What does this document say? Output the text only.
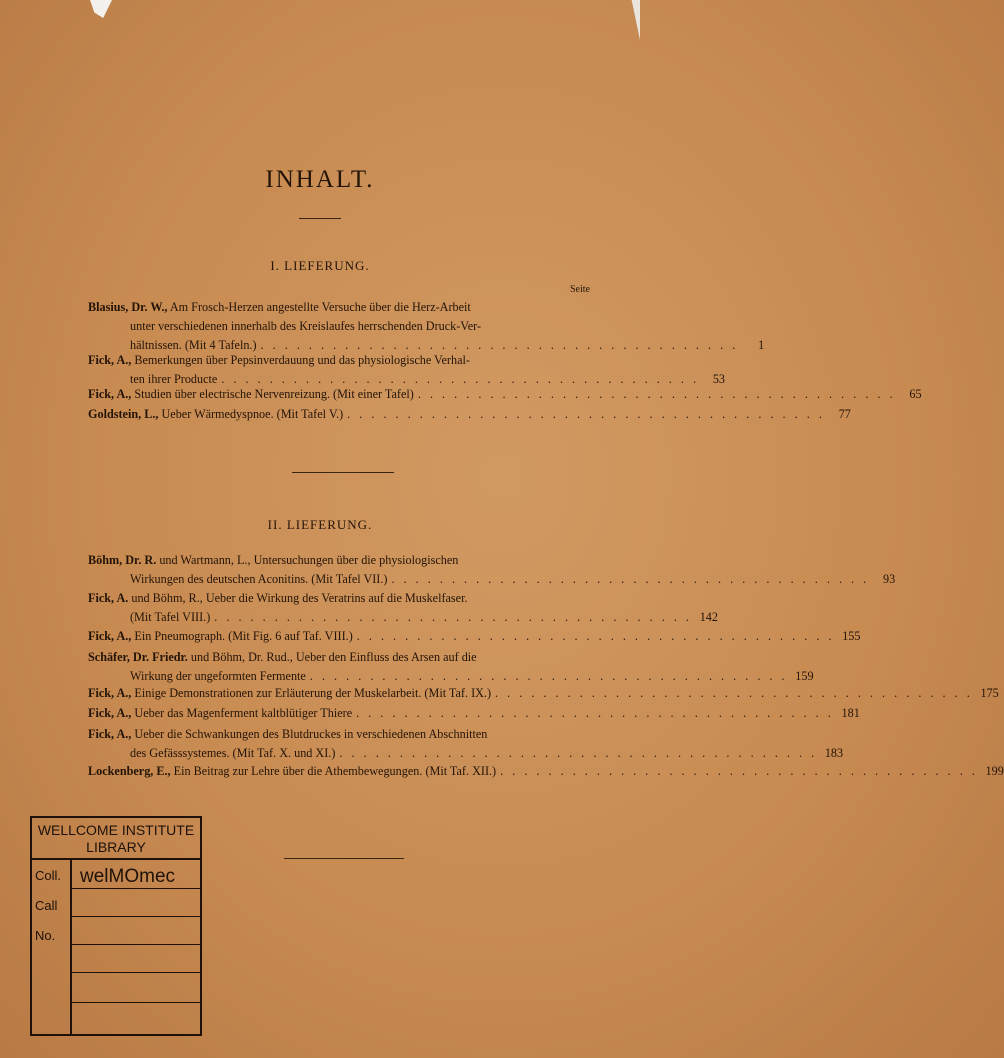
INHALT.
I. LIEFERUNG.
Seite
Blasius, Dr. W., Am Frosch-Herzen angestellte Versuche über die Herz-Arbeit
unter verschiedenen innerhalb des Kreislaufes herrschenden Druck-Ver-
hältnissen. (Mit 4 Tafeln.) . . . . . . . . . . . . . . . . . . . . . . . . . . . . . . . . . . . . . . . .	1
Fick, A., Bemerkungen über Pepsinverdauung und das physiologische Verhal-
ten ihrer Producte . . . . . . . . . . . . . . . . . . . . . . . . . . . . . . . . . . . . . . . .	53
Fick, A., Studien über electrische Nervenreizung. (Mit einer Tafel) . . . . . . . . . . . . . . . . . . . . . . . . . . . . . . . . . . . . . . . .	65
Goldstein, L., Ueber Wärmedyspnoe. (Mit Tafel V.) . . . . . . . . . . . . . . . . . . . . . . . . . . . . . . . . . . . . . . . .	77
II. LIEFERUNG.
Böhm, Dr. R. und Wartmann, L., Untersuchungen über die physiologischen
Wirkungen des deutschen Aconitins. (Mit Tafel VII.) . . . . . . . . . . . . . . . . . . . . . . . . . . . . . . . . . . . . . . . .	93
Fick, A. und Böhm, R., Ueber die Wirkung des Veratrins auf die Muskelfaser.
(Mit Tafel VIII.) . . . . . . . . . . . . . . . . . . . . . . . . . . . . . . . . . . . . . . . . 142
Fick, A., Ein Pneumograph. (Mit Fig. 6 auf Taf. VIII.) . . . . . . . . . . . . . . . . . . . . . . . . . . . . . . . . . . . . . . . . 155
Schäfer, Dr. Friedr. und Böhm, Dr. Rud., Ueber den Einfluss des Arsen auf die
Wirkung der ungeformten Fermente . . . . . . . . . . . . . . . . . . . . . . . . . . . . . . . . . . . . . . . . 159
Fick, A., Einige Demonstrationen zur Erläuterung der Muskelarbeit. (Mit Taf. IX.) . . . . . . . . . . . . . . . . . . . . . . . . . . . . . . . . . . . . . . . . 175
Fick, A., Ueber das Magenferment kaltblütiger Thiere . . . . . . . . . . . . . . . . . . . . . . . . . . . . . . . . . . . . . . . . 181
Fick, A., Ueber die Schwankungen des Blutdruckes in verschiedenen Abschnitten
des Gefässsystemes. (Mit Taf. X. und XI.) . . . . . . . . . . . . . . . . . . . . . . . . . . . . . . . . . . . . . . . . 183
Lockenberg, E., Ein Beitrag zur Lehre über die Athembewegungen. (Mit Taf. XII.) . . . . . . . . . . . . . . . . . . . . . . . . . . . . . . . . . . . . . . . . 199
WELLCOME INSTITUTE
LIBRARY
Coll. welMOmec
Call
No.
